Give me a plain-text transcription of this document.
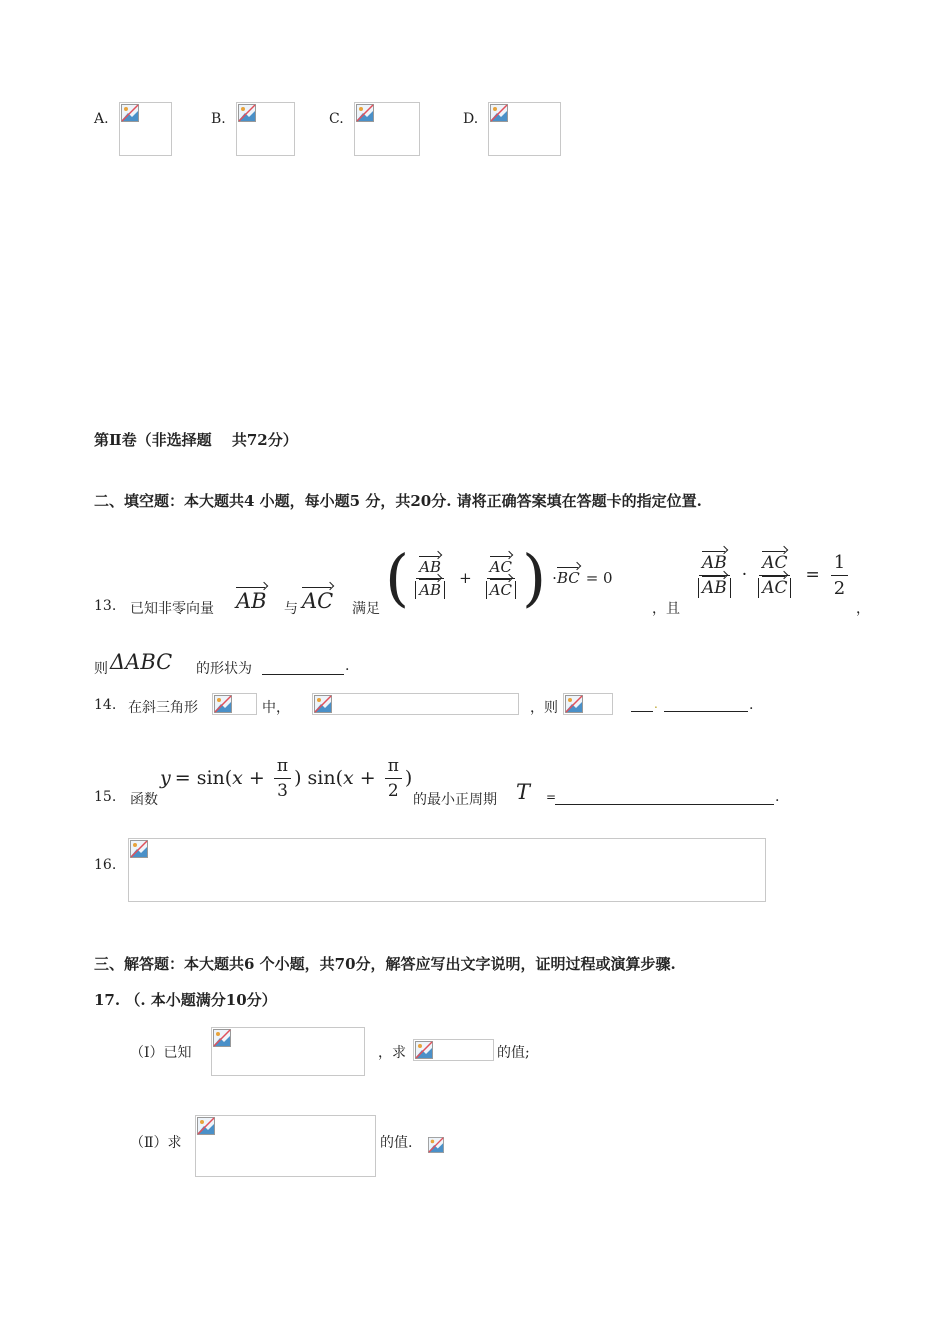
A.	B.	C.	D.
第Ⅱ卷（非选择题　 共72分）
二、填空题：本大题共4 小题，每小题5 分，共20分. 请将正确答案填在答题卡的指定位置.
13. 已知非零向量 AB 与 AC 满足 ( $\frac{AB}{AB} + \frac{AC}{AC}$ ) · BC = 0
，且
$\frac{AB}{AB} \cdot \frac{AC}{AC} = \frac{1}{2}$
，
则 ΔABC 的形状为	.
14. 在斜三角形	中，	，则	.	.
15. 函数
y = sin( $x + \frac{\pi}{3}$ ) sin( $x + \frac{\pi}{2}$ )
的最小正周期 T =	.
16.
三、解答题：本大题共6 个小题，共70分，解答应写出文字说明，证明过程或演算步骤.
17. （. 本小题满分10分）
（Ⅰ）已知	，求	的值;
（Ⅱ）求	的值.
